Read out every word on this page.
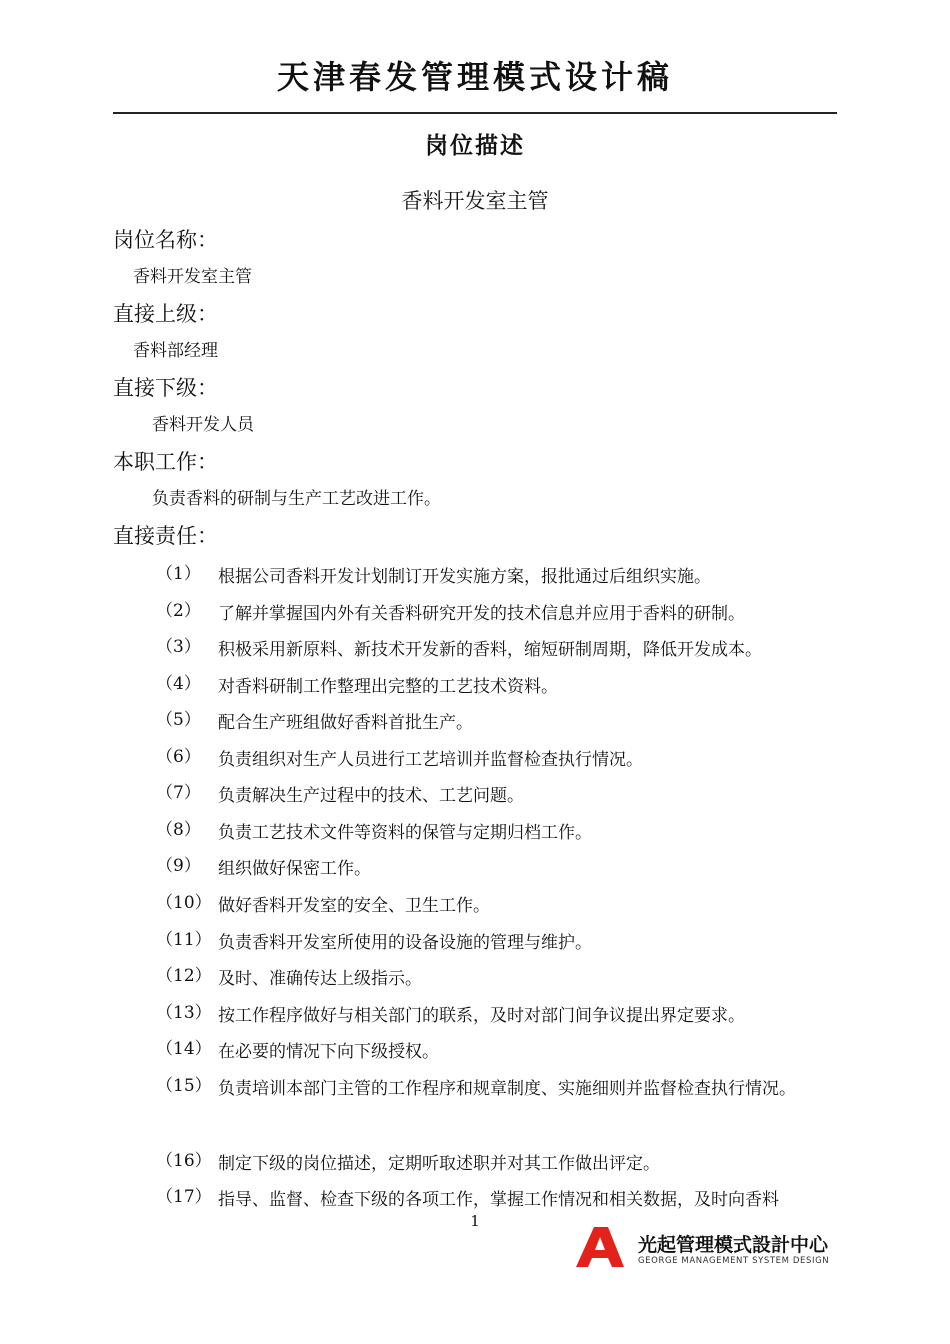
天津春发管理模式设计稿
岗位描述
香料开发室主管
岗位名称：
香料开发室主管
直接上级：
香料部经理
直接下级：
香料开发人员
本职工作：
负责香料的研制与生产工艺改进工作。
直接责任：
（1） 根据公司香料开发计划制订开发实施方案，报批通过后组织实施。
（2） 了解并掌握国内外有关香料研究开发的技术信息并应用于香料的研制。
（3） 积极采用新原料、新技术开发新的香料，缩短研制周期，降低开发成本。
（4） 对香料研制工作整理出完整的工艺技术资料。
（5） 配合生产班组做好香料首批生产。
（6） 负责组织对生产人员进行工艺培训并监督检查执行情况。
（7） 负责解决生产过程中的技术、工艺问题。
（8） 负责工艺技术文件等资料的保管与定期归档工作。
（9） 组织做好保密工作。
（10） 做好香料开发室的安全、卫生工作。
（11） 负责香料开发室所使用的设备设施的管理与维护。
（12） 及时、准确传达上级指示。
（13） 按工作程序做好与相关部门的联系，及时对部门间争议提出界定要求。
（14） 在必要的情况下向下级授权。
（15） 负责培训本部门主管的工作程序和规章制度、实施细则并监督检查执行情况。
（16） 制定下级的岗位描述，定期听取述职并对其工作做出评定。
（17） 指导、监督、检查下级的各项工作，掌握工作情况和相关数据，及时向香料
1
光起管理模式設計中心
GEORGE MANAGEMENT SYSTEM DESIGN
